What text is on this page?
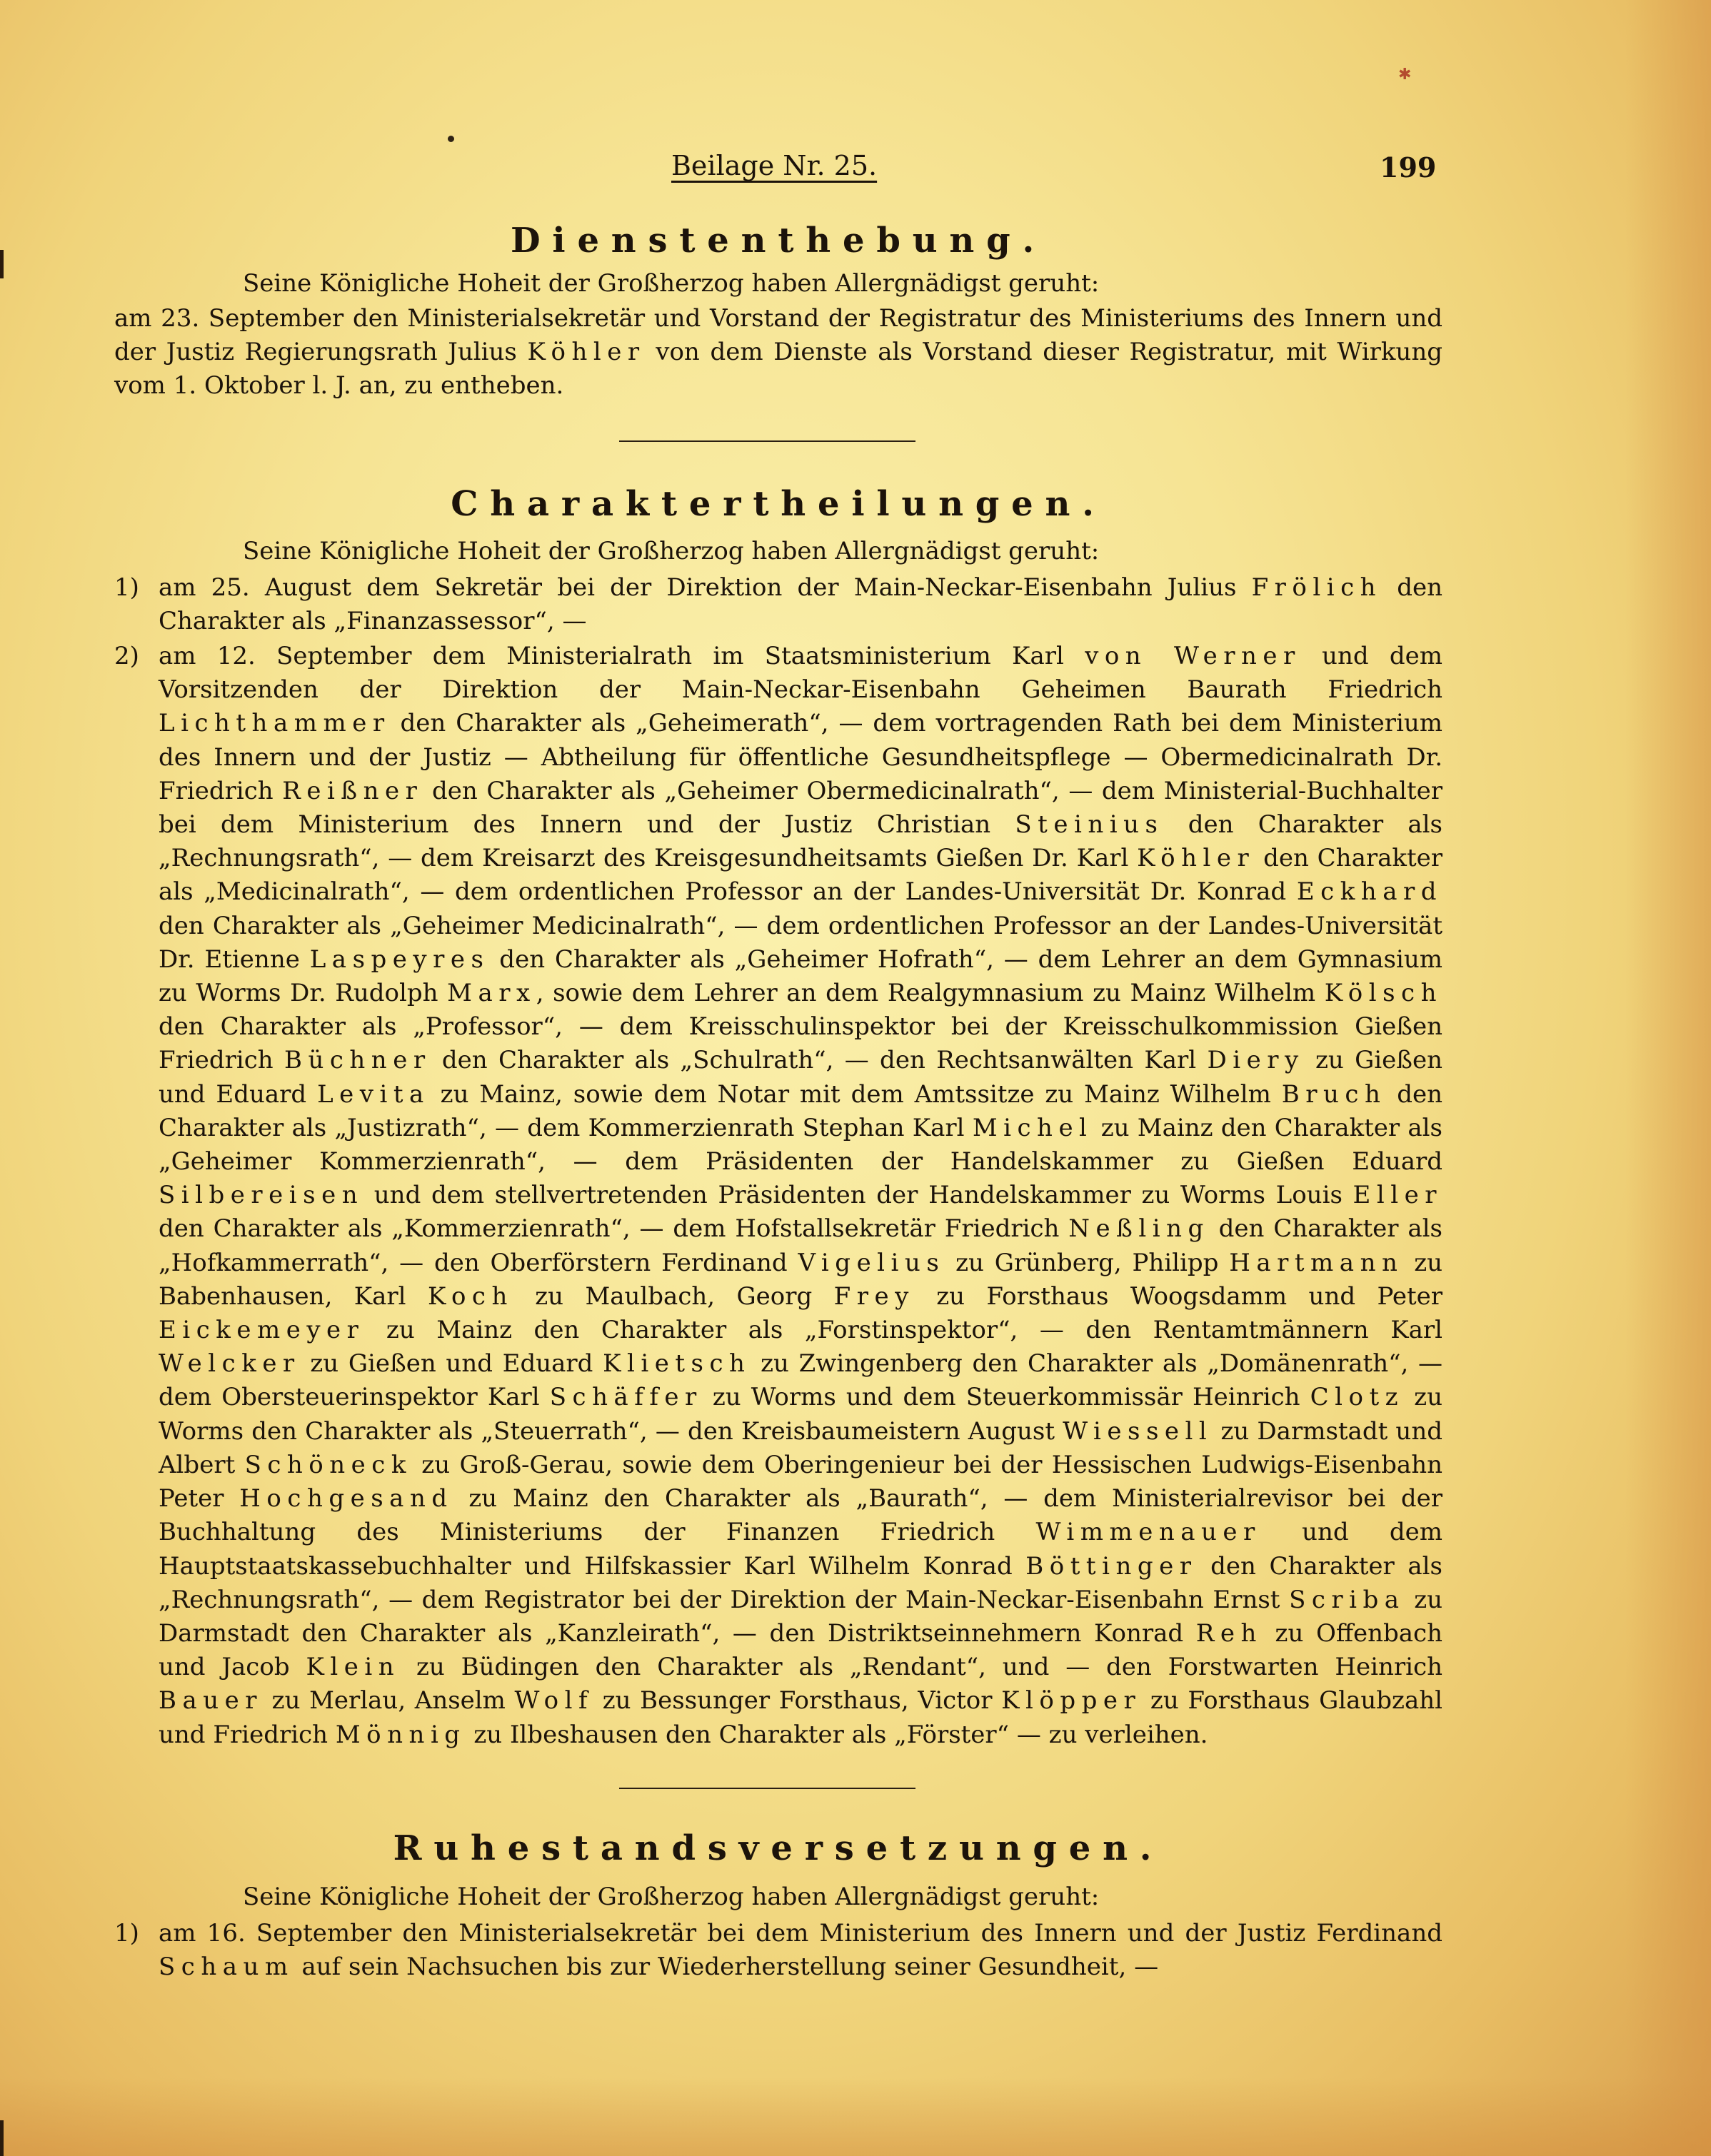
✱
Beilage Nr. 25.	199
Dienstenthebung.

Seine Königliche Hoheit der Großherzog haben Allergnädigst geruht:

am 23. September den Ministerialsekretär und Vorstand der Registratur des Ministeriums des Innern und der Justiz Regierungsrath Julius Köhler von dem Dienste als Vorstand dieser Registratur, mit Wirkung vom 1. Oktober l. J. an, zu entheben.

Charaktertheilungen.

Seine Königliche Hoheit der Großherzog haben Allergnädigst geruht:

1) am 25. August dem Sekretär bei der Direktion der Main-Neckar-Eisenbahn Julius Frölich den Charakter als „Finanzassessor“, —
2) am 12. September dem Ministerialrath im Staatsministerium Karl von Werner und dem Vorsitzenden der Direktion der Main-Neckar-Eisenbahn Geheimen Baurath Friedrich Lichthammer den Charakter als „Geheimerath“, — dem vortragenden Rath bei dem Ministerium des Innern und der Justiz — Abtheilung für öffentliche Gesundheitspflege — Obermedicinalrath Dr. Friedrich Reißner den Charakter als „Geheimer Obermedicinalrath“, — dem Ministerial-Buchhalter bei dem Ministerium des Innern und der Justiz Christian Steinius den Charakter als „Rechnungsrath“, — dem Kreisarzt des Kreisgesundheitsamts Gießen Dr. Karl Köhler den Charakter als „Medicinalrath“, — dem ordentlichen Professor an der Landes-Universität Dr. Konrad Eckhard den Charakter als „Geheimer Medicinalrath“, — dem ordentlichen Professor an der Landes-Universität Dr. Etienne Laspeyres den Charakter als „Geheimer Hofrath“, — dem Lehrer an dem Gymnasium zu Worms Dr. Rudolph Marx, sowie dem Lehrer an dem Realgymnasium zu Mainz Wilhelm Kölsch den Charakter als „Professor“, — dem Kreisschulinspektor bei der Kreisschulkommission Gießen Friedrich Büchner den Charakter als „Schulrath“, — den Rechtsanwälten Karl Diery zu Gießen und Eduard Levita zu Mainz, sowie dem Notar mit dem Amtssitze zu Mainz Wilhelm Bruch den Charakter als „Justizrath“, — dem Kommerzienrath Stephan Karl Michel zu Mainz den Charakter als „Geheimer Kommerzienrath“, — dem Präsidenten der Handelskammer zu Gießen Eduard Silbereisen und dem stellvertretenden Präsidenten der Handelskammer zu Worms Louis Eller den Charakter als „Kommerzienrath“, — dem Hofstallsekretär Friedrich Neßling den Charakter als „Hofkammerrath“, — den Oberförstern Ferdinand Vigelius zu Grünberg, Philipp Hartmann zu Babenhausen, Karl Koch zu Maulbach, Georg Frey zu Forsthaus Woogsdamm und Peter Eickemeyer zu Mainz den Charakter als „Forstinspektor“, — den Rentamtmännern Karl Welcker zu Gießen und Eduard Klietsch zu Zwingenberg den Charakter als „Domänenrath“, — dem Obersteuerinspektor Karl Schäffer zu Worms und dem Steuerkommissär Heinrich Clotz zu Worms den Charakter als „Steuerrath“, — den Kreisbaumeistern August Wiessell zu Darmstadt und Albert Schöneck zu Groß-Gerau, sowie dem Oberingenieur bei der Hessischen Ludwigs-Eisenbahn Peter Hochgesand zu Mainz den Charakter als „Baurath“, — dem Ministerialrevisor bei der Buchhaltung des Ministeriums der Finanzen Friedrich Wimmenauer und dem Hauptstaatskassebuchhalter und Hilfskassier Karl Wilhelm Konrad Böttinger den Charakter als „Rechnungsrath“, — dem Registrator bei der Direktion der Main-Neckar-Eisenbahn Ernst Scriba zu Darmstadt den Charakter als „Kanzleirath“, — den Distriktseinnehmern Konrad Reh zu Offenbach und Jacob Klein zu Büdingen den Charakter als „Rendant“, und — den Forstwarten Heinrich Bauer zu Merlau, Anselm Wolf zu Bessunger Forsthaus, Victor Klöpper zu Forsthaus Glaubzahl und Friedrich Mönnig zu Ilbeshausen den Charakter als „Förster“ — zu verleihen.
Ruhestandsversetzungen.

Seine Königliche Hoheit der Großherzog haben Allergnädigst geruht:

1) am 16. September den Ministerialsekretär bei dem Ministerium des Innern und der Justiz Ferdinand Schaum auf sein Nachsuchen bis zur Wiederherstellung seiner Gesundheit, —
